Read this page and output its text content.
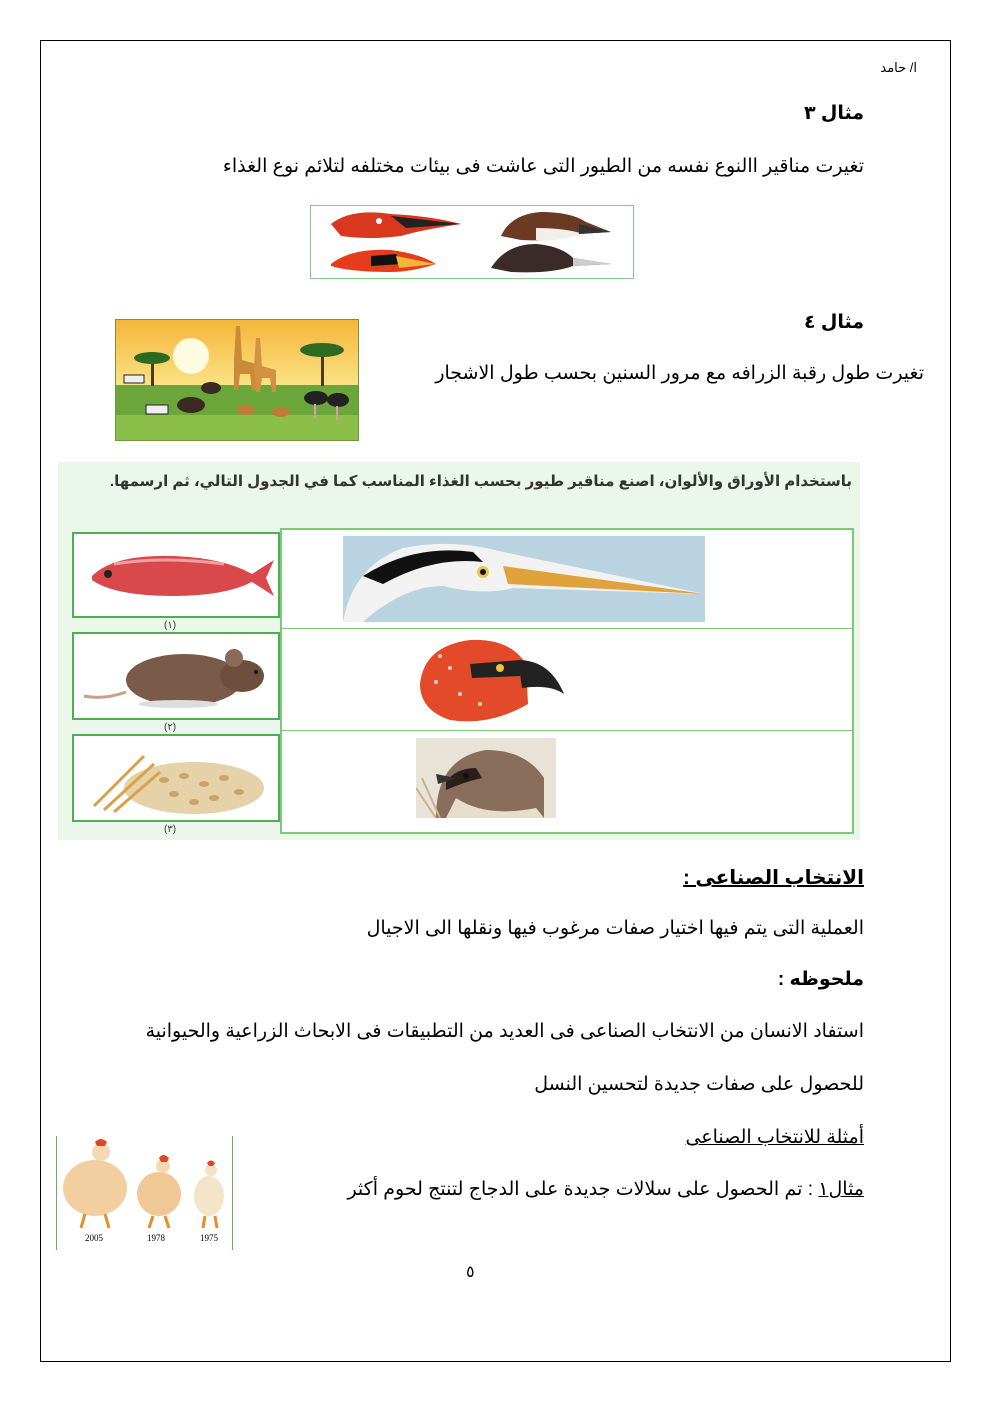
ا/ حامد
مثال ٣
تغيرت مناقير االنوع نفسه من الطيور التى عاشت فى بيئات مختلفه لتلائم نوع الغذاء
مثال ٤
تغيرت طول رقبة الزرافه مع مرور السنين بحسب طول الاشجار
باستخدام الأوراق والألوان، اصنع مناقير طيور بحسب الغذاء المناسب كما في الجدول التالي، ثم ارسمها.
(١)
(٢)
(٣)
الانتخاب الصناعى :
العملية التى يتم فيها اختيار صفات مرغوب فيها ونقلها الى الاجيال
ملحوظه :
استفاد الانسان من الانتخاب الصناعى فى العديد من التطبيقات فى الابحاث الزراعية والحيوانية
للحصول على صفات جديدة لتحسين النسل
أمثلة للانتخاب الصناعى
مثال١ : تم الحصول على سلالات جديدة على الدجاج لتنتج لحوم أكثر
2005	1978	1975
٥
